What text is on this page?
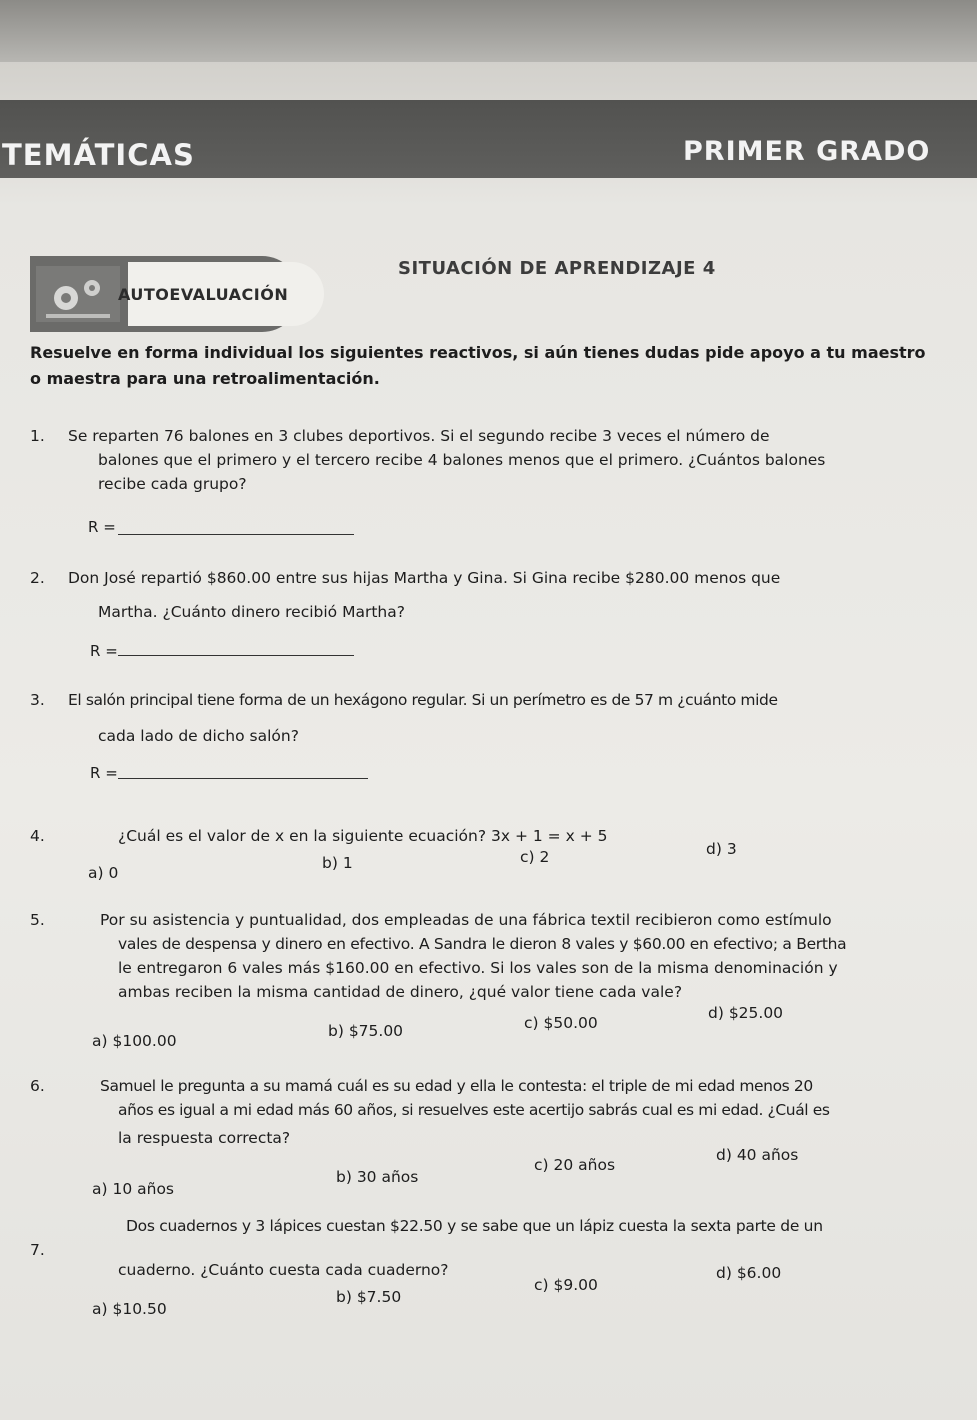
TEMÁTICAS	PRIMER GRADO
AUTOEVALUACIÓN
SITUACIÓN DE APRENDIZAJE 4
Resuelve en forma individual los siguientes reactivos, si aún tienes dudas pide apoyo a tu maestro
o maestra para una retroalimentación.
1. Se reparten 76 balones en 3 clubes deportivos. Si el segundo recibe 3 veces el número de
balones que el primero y el tercero recibe 4 balones menos que el primero. ¿Cuántos balones
recibe cada grupo?
R =
2. Don José repartió $860.00 entre sus hijas Martha y Gina. Si Gina recibe $280.00 menos que
Martha. ¿Cuánto dinero recibió Martha?
R =
3. El salón principal tiene forma de un hexágono regular. Si un perímetro es de 57 m ¿cuánto mide
cada lado de dicho salón?
R =
4.	¿Cuál es el valor de x en la siguiente ecuación? 3x + 1 = x + 5
a) 0
b) 1	c) 2	d) 3
5.	Por su asistencia y puntualidad, dos empleadas de una fábrica textil recibieron como estímulo
vales de despensa y dinero en efectivo. A Sandra le dieron 8 vales y $60.00 en efectivo; a Bertha
le entregaron 6 vales más $160.00 en efectivo. Si los vales son de la misma denominación y
ambas reciben la misma cantidad de dinero, ¿qué valor tiene cada vale?
a) $100.00
b) $75.00	c) $50.00
d) $25.00
6.	Samuel le pregunta a su mamá cuál es su edad y ella le contesta: el triple de mi edad menos 20
años es igual a mi edad más 60 años, si resuelves este acertijo sabrás cual es mi edad. ¿Cuál es
la respuesta correcta?
a) 10 años
b) 30 años
c) 20 años
d) 40 años
7.
Dos cuadernos y 3 lápices cuestan $22.50 y se sabe que un lápiz cuesta la sexta parte de un
cuaderno. ¿Cuánto cuesta cada cuaderno?
a) $10.50
b) $7.50
c) $9.00
d) $6.00
